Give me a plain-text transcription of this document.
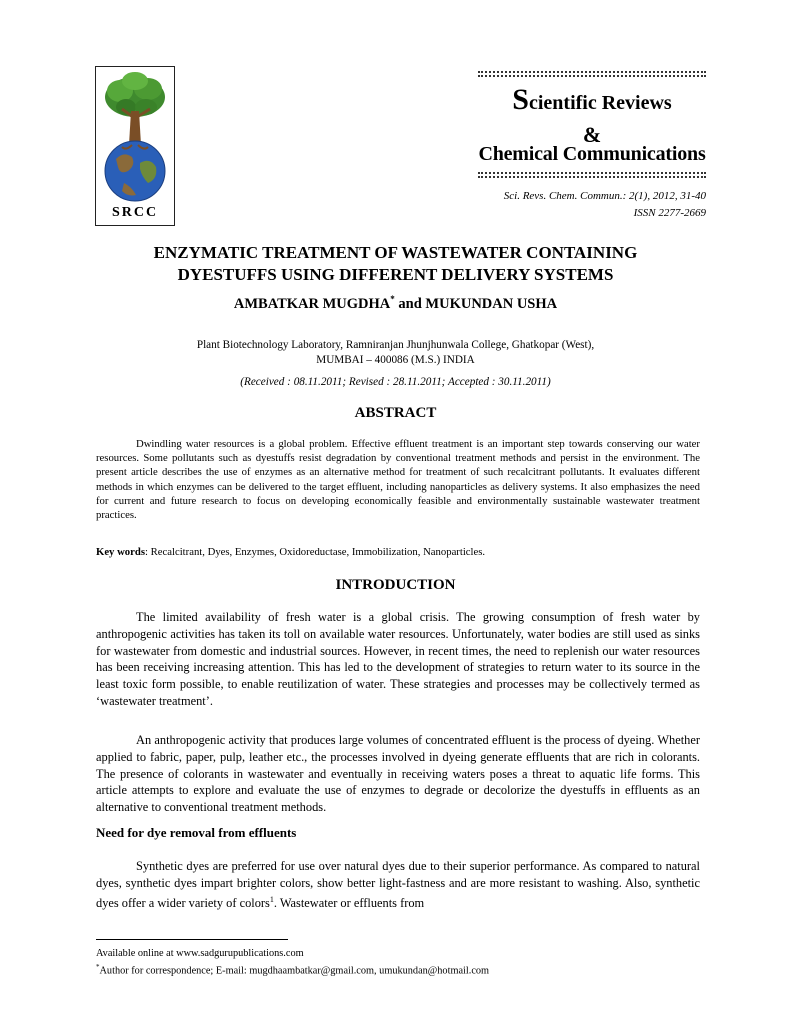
SRCC
Scientific Reviews
&
Chemical Communications
Sci. Revs. Chem. Commun.: 2(1), 2012, 31-40
ISSN 2277-2669
ENZYMATIC TREATMENT OF WASTEWATER CONTAINING
DYESTUFFS USING DIFFERENT DELIVERY SYSTEMS
AMBATKAR MUGDHA* and MUKUNDAN USHA
Plant Biotechnology Laboratory, Ramniranjan Jhunjhunwala College, Ghatkopar (West),
MUMBAI – 400086 (M.S.) INDIA
(Received : 08.11.2011; Revised : 28.11.2011; Accepted : 30.11.2011)
ABSTRACT

Dwindling water resources is a global problem. Effective effluent treatment is an important step towards conserving our water resources. Some pollutants such as dyestuffs resist degradation by conventional treatment methods and persist in the environment. The present article describes the use of enzymes as an alternative method for treatment of such recalcitrant pollutants. It evaluates different methods in which enzymes can be delivered to the target effluent, including nanoparticles as delivery systems. It also emphasizes the need for current and future research to focus on developing economically feasible and environmentally sustainable wastewater treatment practices.

Key words: Recalcitrant, Dyes, Enzymes, Oxidoreductase, Immobilization, Nanoparticles.

INTRODUCTION

The limited availability of fresh water is a global crisis. The growing consumption of fresh water by anthropogenic activities has taken its toll on available water resources. Unfortunately, water bodies are still used as sinks for wastewater from domestic and industrial sources. However, in recent times, the need to replenish our water resources has been receiving increasing attention. This has led to the development of strategies to return water to its source in the least toxic form possible, to enable reutilization of water. These strategies and processes may be collectively termed as ‘wastewater treatment’.

An anthropogenic activity that produces large volumes of concentrated effluent is the process of dyeing. Whether applied to fabric, paper, pulp, leather etc., the processes involved in dyeing generate effluents that are rich in colorants. The presence of colorants in wastewater and eventually in receiving waters poses a threat to aquatic life forms. This article attempts to explore and evaluate the use of enzymes to degrade or decolorize the dyestuffs in effluents as an alternative to conventional treatment methods.

Need for dye removal from effluents

Synthetic dyes are preferred for use over natural dyes due to their superior performance. As compared to natural dyes, synthetic dyes impart brighter colors, show better light-fastness and are more resistant to washing. Also, synthetic dyes offer a wider variety of colors$^1$. Wastewater or effluents from

Available online at www.sadgurupublications.com
*Author for correspondence; E-mail: mugdhaambatkar@gmail.com, umukundan@hotmail.com
